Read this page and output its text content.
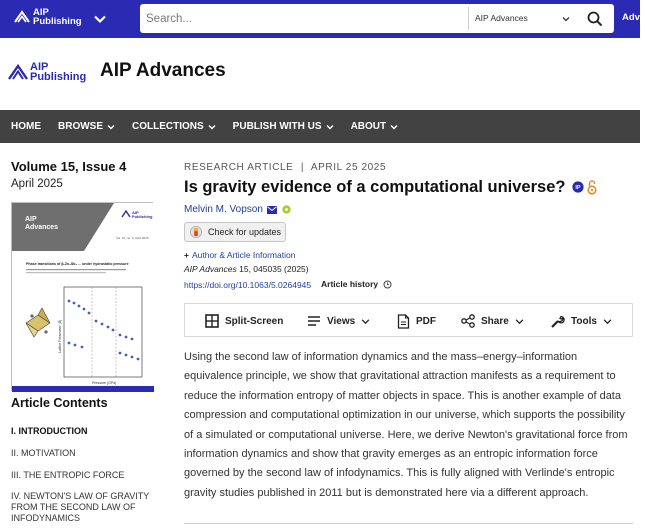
AIP
Publishing
Search...	AIP Advances	Adva
AIP
Publishing AIP Advances
HOME BROWSE	COLLECTIONS	PUBLISH WITH US	ABOUT
Volume 15, Issue 4
April 2025
AIP
Advances
AIP
Publishing
Vol. 15, no. 4, April 2025
Phase transitions of β-Zn₄Sb₃ ... under hydrostatic pressure
Pressure (GPa)
Lattice Parameter (Å)
Article Contents
I. INTRODUCTION
II. MOTIVATION
III. THE ENTROPIC FORCE
IV. NEWTON'S LAW OF GRAVITY FROM THE SECOND LAW OF INFODYNAMICS
RESEARCH ARTICLE | APRIL 25 2025
Is gravity evidence of a computational universe? IP
Melvin M. Vopson
Check for updates
+ Author & Article Information
AIP Advances 15, 045035 (2025)
https://doi.org/10.1063/5.0264945 Article history
Split-Screen	Views	PDF	Share	Tools
Using the second law of information dynamics and the mass–energy–information equivalence principle, we show that gravitational attraction manifests as a requirement to reduce the information entropy of matter objects in space. This is another example of data compression and computational optimization in our universe, which supports the possibility of a simulated or computational universe. Here, we derive Newton's gravitational force from information dynamics and show that gravity emerges as an entropic information force governed by the second law of infodynamics. This is fully aligned with Verlinde's entropic gravity studies published in 2011 but is demonstrated here via a different approach.
